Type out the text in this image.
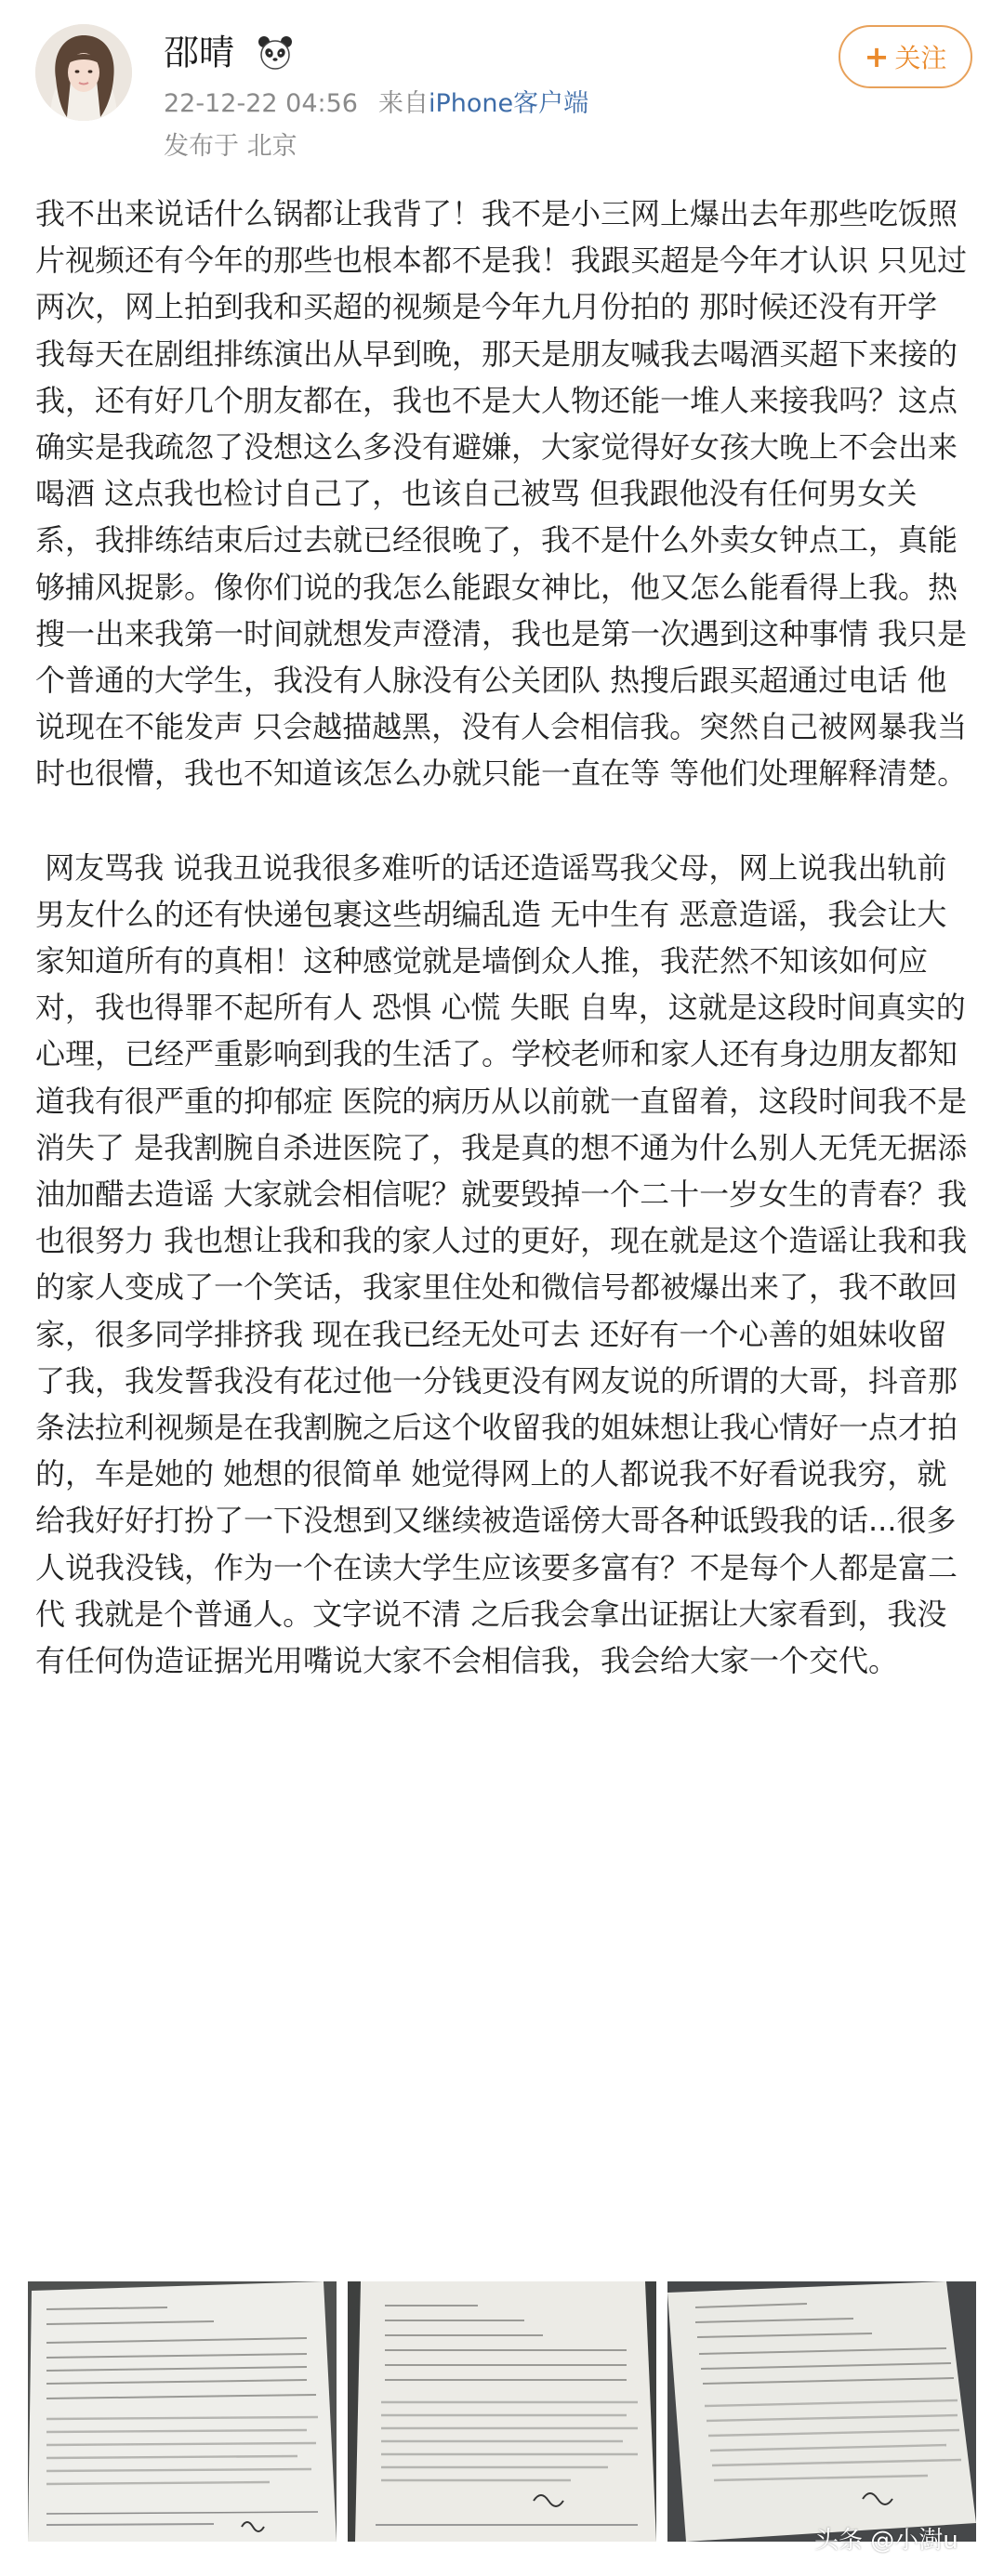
邵晴
22-12-22 04:56 来自iPhone客户端
发布于 北京
+ 关注

我不出来说话什么锅都让我背了！我不是小三网上爆出去年那些吃饭照片视频还有今年的那些也根本都不是我！我跟买超是今年才认识 只见过两次，网上拍到我和买超的视频是今年九月份拍的 那时候还没有开学 我每天在剧组排练演出从早到晚，那天是朋友喊我去喝酒买超下来接的我，还有好几个朋友都在，我也不是大人物还能一堆人来接我吗？这点确实是我疏忽了没想这么多没有避嫌，大家觉得好女孩大晚上不会出来喝酒 这点我也检讨自己了，也该自己被骂 但我跟他没有任何男女关系，我排练结束后过去就已经很晚了，我不是什么外卖女钟点工，真能够捕风捉影。像你们说的我怎么能跟女神比，他又怎么能看得上我。热搜一出来我第一时间就想发声澄清，我也是第一次遇到这种事情 我只是个普通的大学生，我没有人脉没有公关团队 热搜后跟买超通过电话 他说现在不能发声 只会越描越黑，没有人会相信我。突然自己被网暴我当时也很懵，我也不知道该怎么办就只能一直在等 等他们处理解释清楚。

网友骂我 说我丑说我很多难听的话还造谣骂我父母，网上说我出轨前男友什么的还有快递包裹这些胡编乱造 无中生有 恶意造谣，我会让大家知道所有的真相！这种感觉就是墙倒众人推，我茫然不知该如何应对，我也得罪不起所有人 恐惧 心慌 失眠 自卑，这就是这段时间真实的心理，已经严重影响到我的生活了。学校老师和家人还有身边朋友都知道我有很严重的抑郁症 医院的病历从以前就一直留着，这段时间我不是消失了 是我割腕自杀进医院了，我是真的想不通为什么别人无凭无据添油加醋去造谣 大家就会相信呢？就要毁掉一个二十一岁女生的青春？我也很努力 我也想让我和我的家人过的更好，现在就是这个造谣让我和我的家人变成了一个笑话，我家里住处和微信号都被爆出来了，我不敢回家，很多同学排挤我 现在我已经无处可去 还好有一个心善的姐妹收留了我，我发誓我没有花过他一分钱更没有网友说的所谓的大哥，抖音那条法拉利视频是在我割腕之后这个收留我的姐妹想让我心情好一点才拍的，车是她的 她想的很简单 她觉得网上的人都说我不好看说我穷，就给我好好打扮了一下没想到又继续被造谣傍大哥各种诋毁我的话...很多人说我没钱，作为一个在读大学生应该要多富有？不是每个人都是富二代 我就是个普通人。文字说不清 之后我会拿出证据让大家看到，我没有任何伪造证据光用嘴说大家不会相信我，我会给大家一个交代。

头条 @小澍u
